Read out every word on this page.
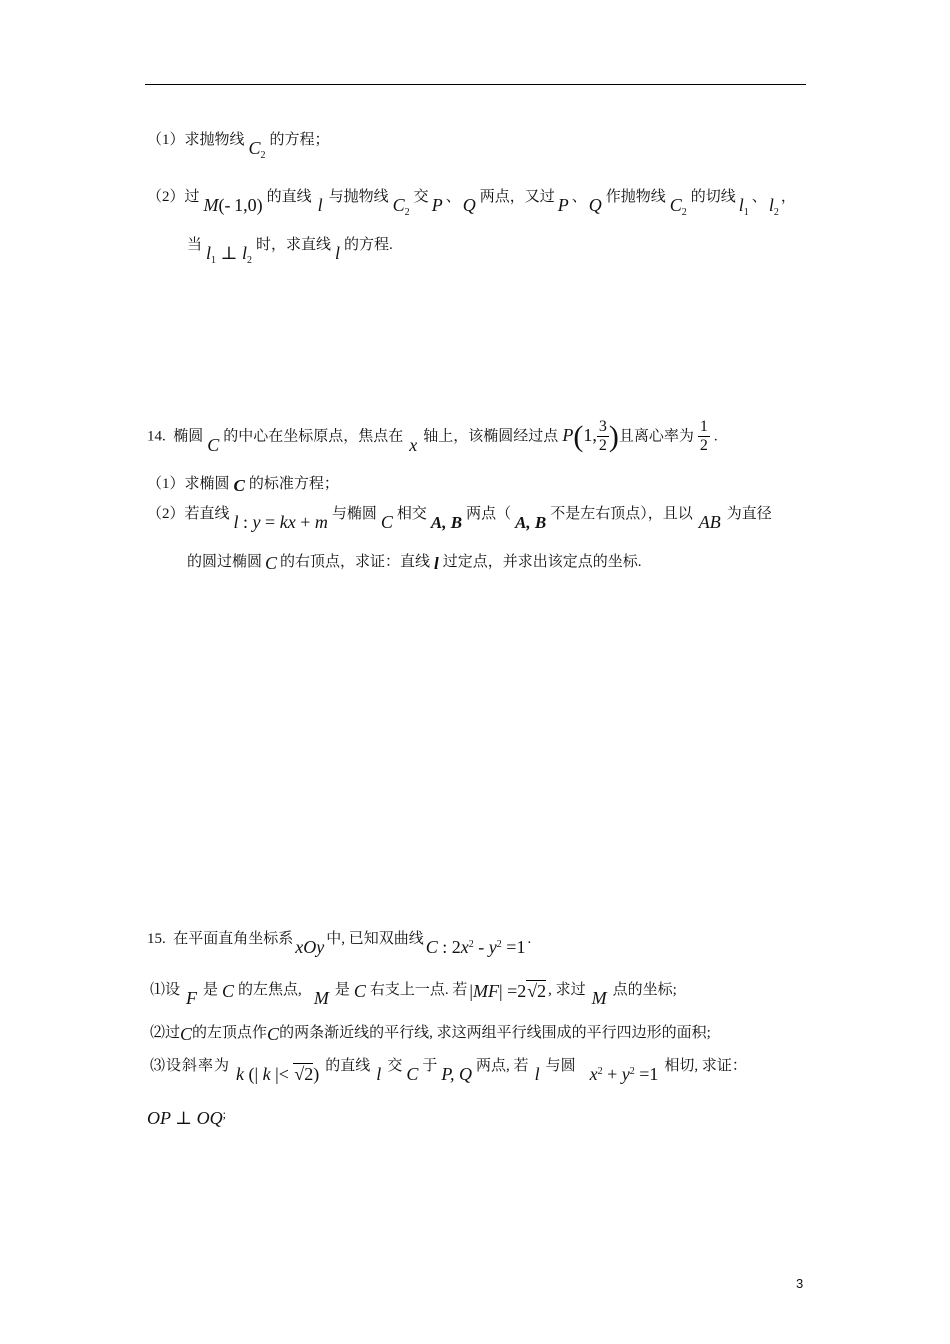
（1）求抛物线 $C_2$的方程；
（2）过 M(- 1,0) 的直线 l 与抛物线 $C_2$交 P 、 Q 两点，又过 P 、 Q 作抛物线 $C_2$的切线 $l_1$、 $l_2$，
当 $l_1$ ⊥ $l_2$时，求直线 l 的方程.
14. 椭圆 C 的中心在坐标原点，焦点在 x 轴上，该椭圆经过点 P(1, $\frac{3}{2}$ )且离心率为 $\frac{1}{2}$ .
（1）求椭圆 C 的标准方程；
（2）若直线 l : y = kx + m 与椭圆 C 相交 A, B 两点（ A, B 不是左右顶点），且以 AB 为直径
的圆过椭圆 C 的右顶点，求证：直线 l 过定点，并求出该定点的坐标.
15. 在平面直角坐标系 xOy 中, 已知双曲线 C : $2x^2 - y^2 =1$ .
⑴设 F 是 C 的左焦点, M 是 C 右支上一点. 若 |MF| =2√2 , 求过 M 点的坐标;
⑵过C的左顶点作C的两条渐近线的平行线, 求这两组平行线围成的平行四边形的面积;
⑶设斜率为 k (| k |< √2) 的直线 l 交 C 于 P, Q 两点, 若 l 与圆 $x^2 + y^2 =1$ 相切, 求证：
OP ⊥ OQ;
3
